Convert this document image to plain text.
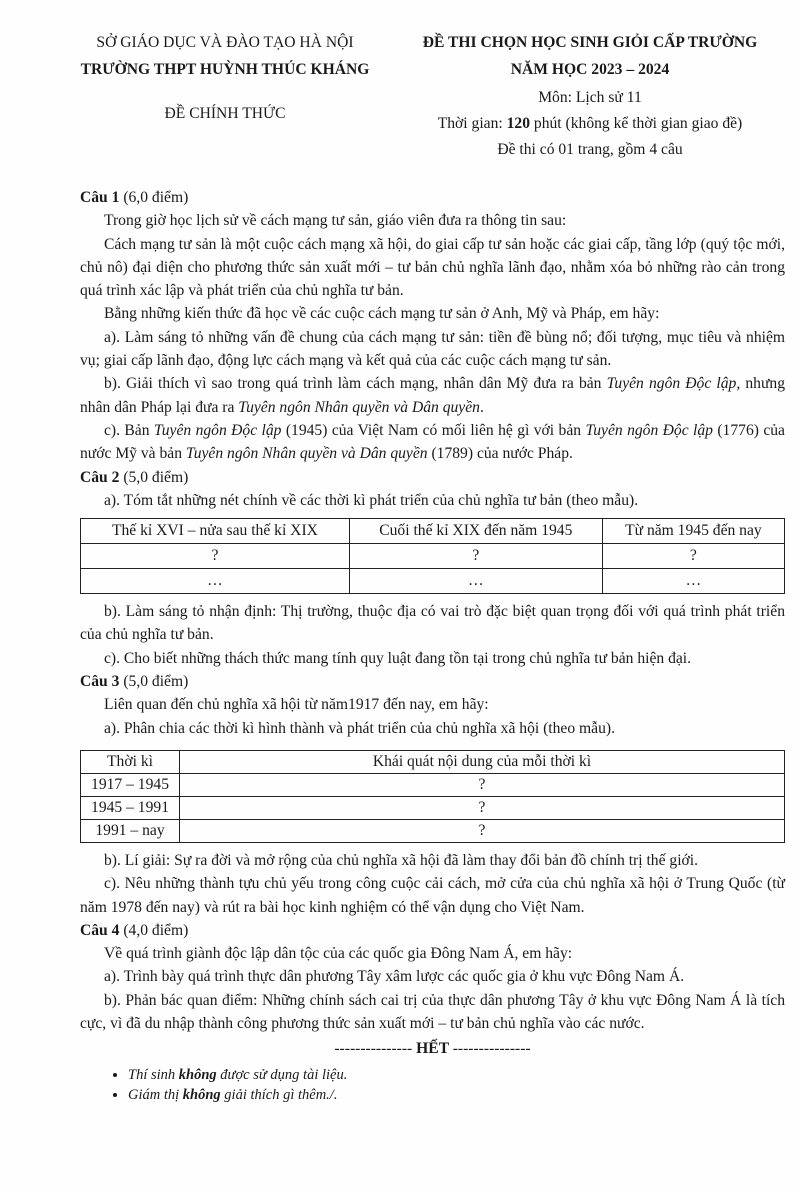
SỞ GIÁO DỤC VÀ ĐÀO TẠO HÀ NỘI
TRƯỜNG THPT HUỲNH THÚC KHÁNG
ĐỀ CHÍNH THỨC
ĐỀ THI CHỌN HỌC SINH GIỎI CẤP TRƯỜNG
NĂM HỌC 2023 – 2024
Môn: Lịch sử 11
Thời gian: 120 phút (không kể thời gian giao đề)
Đề thi có 01 trang, gồm 4 câu

Câu 1 (6,0 điểm)

Trong giờ học lịch sử về cách mạng tư sản, giáo viên đưa ra thông tin sau:

Cách mạng tư sản là một cuộc cách mạng xã hội, do giai cấp tư sản hoặc các giai cấp, tầng lớp (quý tộc mới, chủ nô) đại diện cho phương thức sản xuất mới – tư bản chủ nghĩa lãnh đạo, nhằm xóa bỏ những rào cản trong quá trình xác lập và phát triển của chủ nghĩa tư bản.

Bằng những kiến thức đã học về các cuộc cách mạng tư sản ở Anh, Mỹ và Pháp, em hãy:

a). Làm sáng tỏ những vấn đề chung của cách mạng tư sản: tiền đề bùng nổ; đối tượng, mục tiêu và nhiệm vụ; giai cấp lãnh đạo, động lực cách mạng và kết quả của các cuộc cách mạng tư sản.

b). Giải thích vì sao trong quá trình làm cách mạng, nhân dân Mỹ đưa ra bản Tuyên ngôn Độc lập, nhưng nhân dân Pháp lại đưa ra Tuyên ngôn Nhân quyền và Dân quyền.

c). Bản Tuyên ngôn Độc lập (1945) của Việt Nam có mối liên hệ gì với bản Tuyên ngôn Độc lập (1776) của nước Mỹ và bản Tuyên ngôn Nhân quyền và Dân quyền (1789) của nước Pháp.

Câu 2 (5,0 điểm)

a). Tóm tắt những nét chính về các thời kì phát triển của chủ nghĩa tư bản (theo mẫu).

Thế kỉ XVI – nửa sau thế kỉ XIX	Cuối thế kỉ XIX đến năm 1945	Từ năm 1945 đến nay
?	?	?
…	…	…

b). Làm sáng tỏ nhận định: Thị trường, thuộc địa có vai trò đặc biệt quan trọng đối với quá trình phát triển của chủ nghĩa tư bản.

c). Cho biết những thách thức mang tính quy luật đang tồn tại trong chủ nghĩa tư bản hiện đại.

Câu 3 (5,0 điểm)

Liên quan đến chủ nghĩa xã hội từ năm1917 đến nay, em hãy:

a). Phân chia các thời kì hình thành và phát triển của chủ nghĩa xã hội (theo mẫu).

Thời kì	Khái quát nội dung của mỗi thời kì
1917 – 1945	?
1945 – 1991	?
1991 – nay	?

b). Lí giải: Sự ra đời và mở rộng của chủ nghĩa xã hội đã làm thay đổi bản đồ chính trị thế giới.

c). Nêu những thành tựu chủ yếu trong công cuộc cải cách, mở cửa của chủ nghĩa xã hội ở Trung Quốc (từ năm 1978 đến nay) và rút ra bài học kinh nghiệm có thể vận dụng cho Việt Nam.

Câu 4 (4,0 điểm)

Về quá trình giành độc lập dân tộc của các quốc gia Đông Nam Á, em hãy:

a). Trình bày quá trình thực dân phương Tây xâm lược các quốc gia ở khu vực Đông Nam Á.

b). Phản bác quan điểm: Những chính sách cai trị của thực dân phương Tây ở khu vực Đông Nam Á là tích cực, vì đã du nhập thành công phương thức sản xuất mới – tư bản chủ nghĩa vào các nước.

--------------- HẾT ---------------
• Thí sinh không được sử dụng tài liệu.
• Giám thị không giải thích gì thêm./.
